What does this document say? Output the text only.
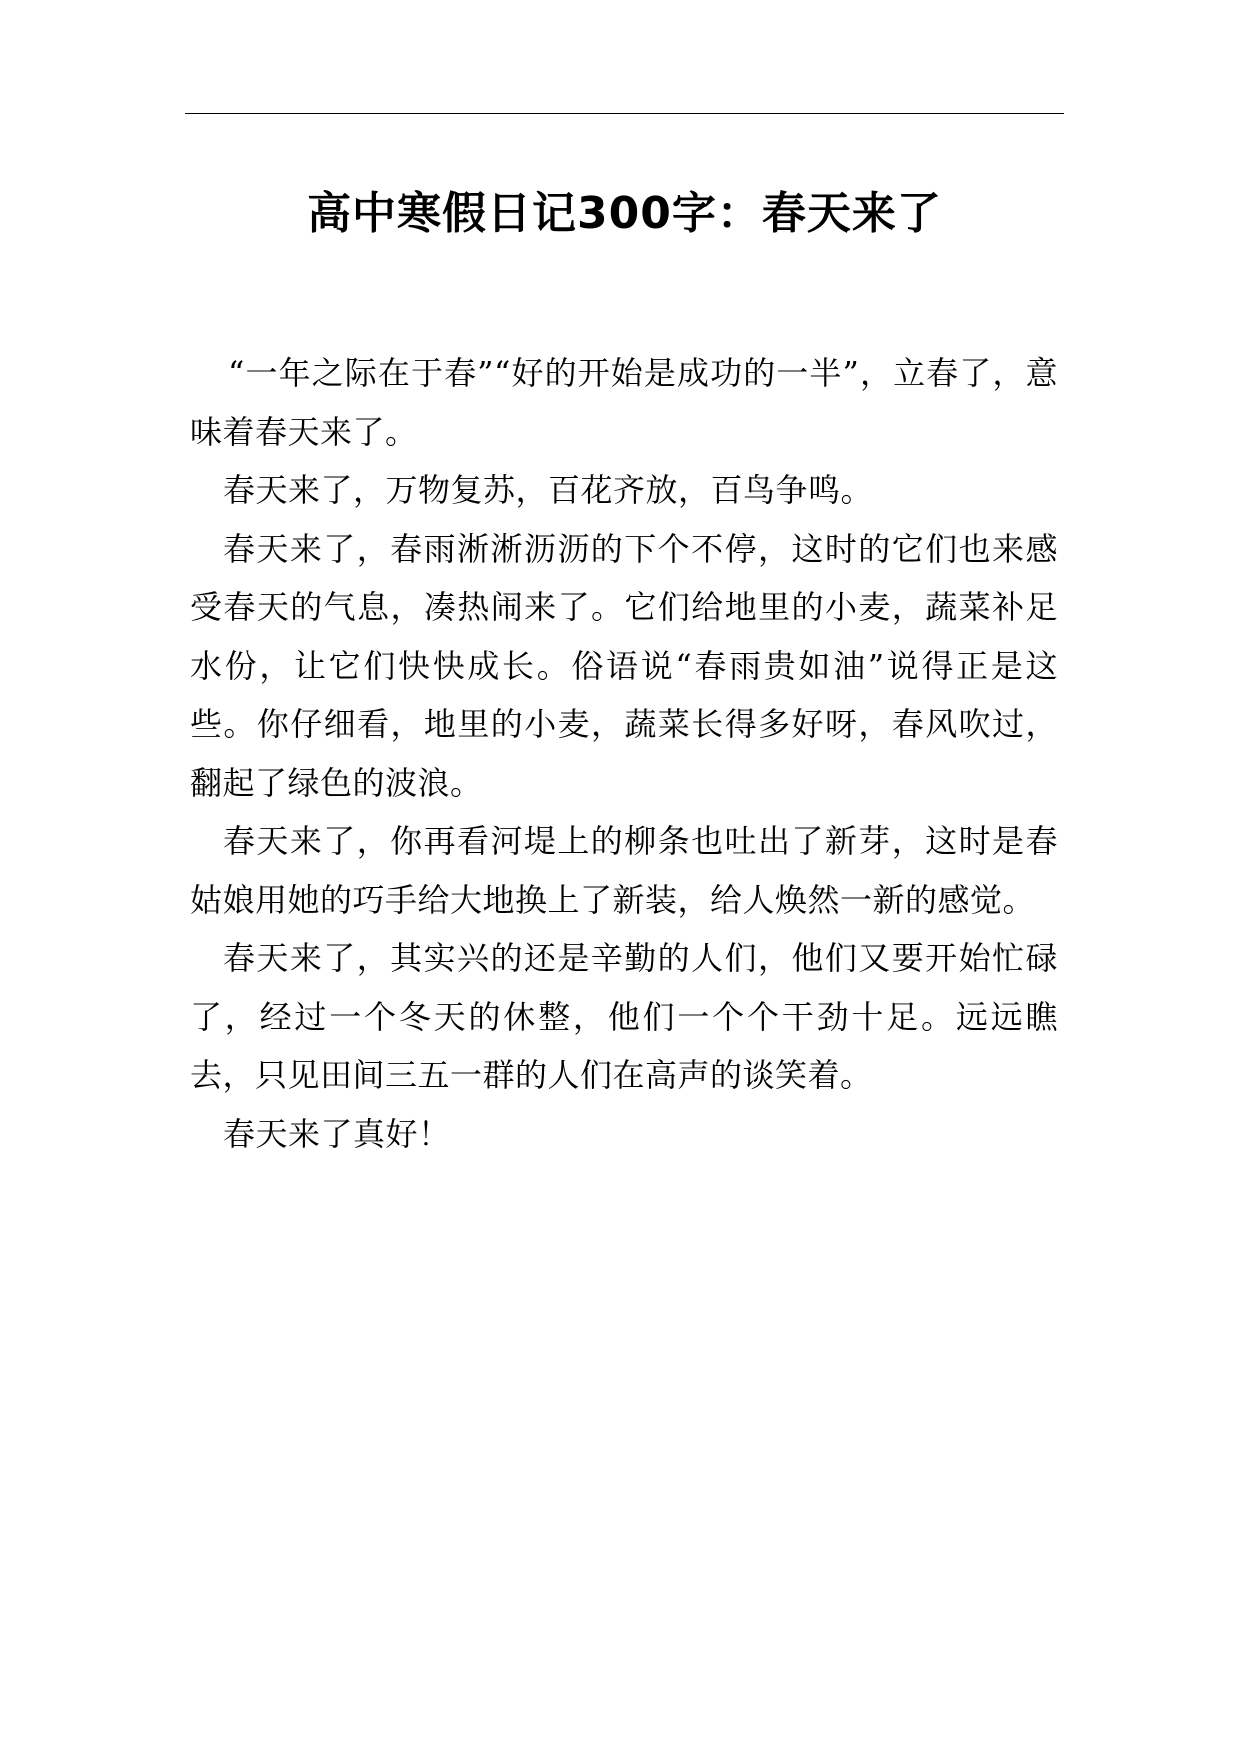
高中寒假日记300字：春天来了

“一年之际在于春”“好的开始是成功的一半”，立春了，意味着春天来了。

春天来了，万物复苏，百花齐放，百鸟争鸣。

春天来了，春雨淅淅沥沥的下个不停，这时的它们也来感受春天的气息，凑热闹来了。它们给地里的小麦，蔬菜补足水份，让它们快快成长。俗语说“春雨贵如油”说得正是这些。你仔细看，地里的小麦，蔬菜长得多好呀，春风吹过，翻起了绿色的波浪。

春天来了，你再看河堤上的柳条也吐出了新芽，这时是春姑娘用她的巧手给大地换上了新装，给人焕然一新的感觉。

春天来了，其实兴的还是辛勤的人们，他们又要开始忙碌了，经过一个冬天的休整，他们一个个干劲十足。远远瞧去，只见田间三五一群的人们在高声的谈笑着。

春天来了真好！
